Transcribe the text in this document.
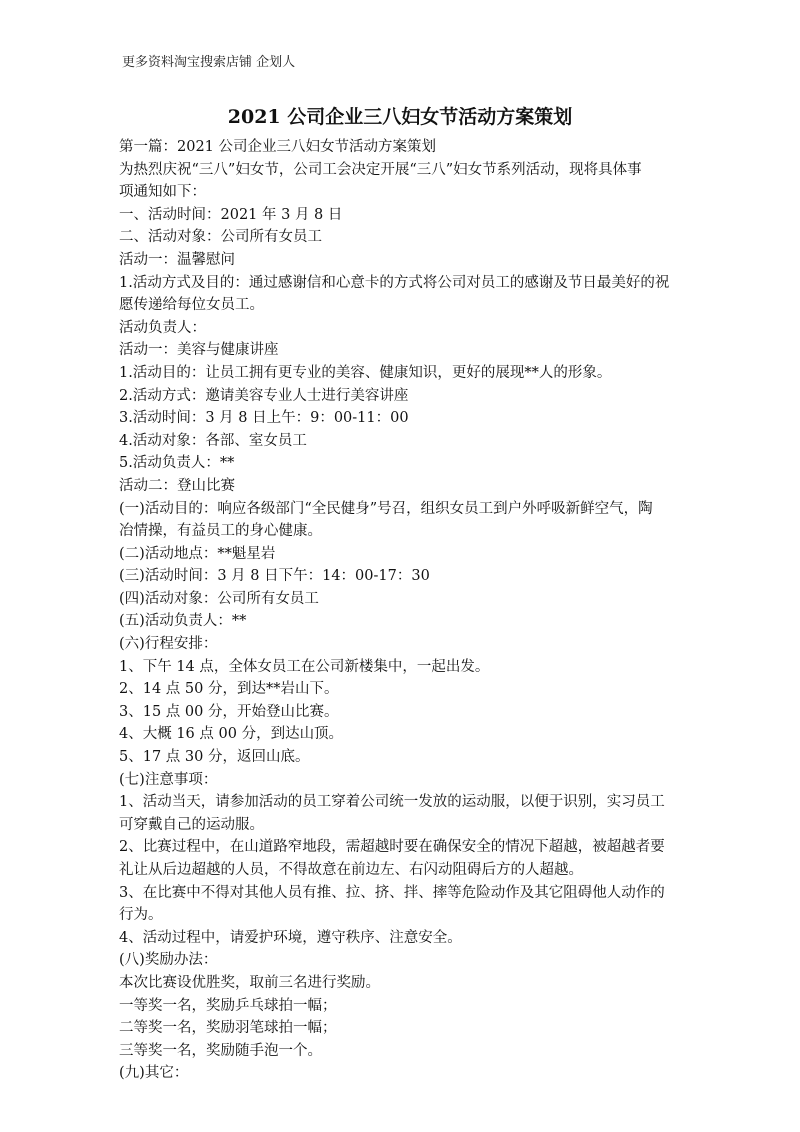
更多资料淘宝搜索店铺 企划人
2021 公司企业三八妇女节活动方案策划
第一篇：2021 公司企业三八妇女节活动方案策划
为热烈庆祝“三八”妇女节，公司工会决定开展“三八”妇女节系列活动，现将具体事
项通知如下：
一、活动时间：2021 年 3 月 8 日
二、活动对象：公司所有女员工
活动一：温馨慰问
1.活动方式及目的：通过感谢信和心意卡的方式将公司对员工的感谢及节日最美好的祝
愿传递给每位女员工。
活动负责人：
活动一：美容与健康讲座
1.活动目的：让员工拥有更专业的美容、健康知识，更好的展现**人的形象。
2.活动方式：邀请美容专业人士进行美容讲座
3.活动时间：3 月 8 日上午：9：00-11：00
4.活动对象：各部、室女员工
5.活动负责人：**
活动二：登山比赛
(一)活动目的：响应各级部门“全民健身”号召，组织女员工到户外呼吸新鲜空气，陶
冶情操，有益员工的身心健康。
(二)活动地点：**魁星岩
(三)活动时间：3 月 8 日下午：14：00-17：30
(四)活动对象：公司所有女员工
(五)活动负责人：**
(六)行程安排：
1、下午 14 点，全体女员工在公司新楼集中，一起出发。
2、14 点 50 分，到达**岩山下。
3、15 点 00 分，开始登山比赛。
4、大概 16 点 00 分，到达山顶。
5、17 点 30 分，返回山底。
(七)注意事项：
1、活动当天，请参加活动的员工穿着公司统一发放的运动服，以便于识别，实习员工
可穿戴自己的运动服。
2、比赛过程中，在山道路窄地段，需超越时要在确保安全的情况下超越，被超越者要
礼让从后边超越的人员，不得故意在前边左、右闪动阻碍后方的人超越。
3、在比赛中不得对其他人员有推、拉、挤、拌、摔等危险动作及其它阻碍他人动作的
行为。
4、活动过程中，请爱护环境，遵守秩序、注意安全。
(八)奖励办法：
本次比赛设优胜奖，取前三名进行奖励。
一等奖一名，奖励乒乓球拍一幅；
二等奖一名，奖励羽笔球拍一幅；
三等奖一名，奖励随手泡一个。
(九)其它：
